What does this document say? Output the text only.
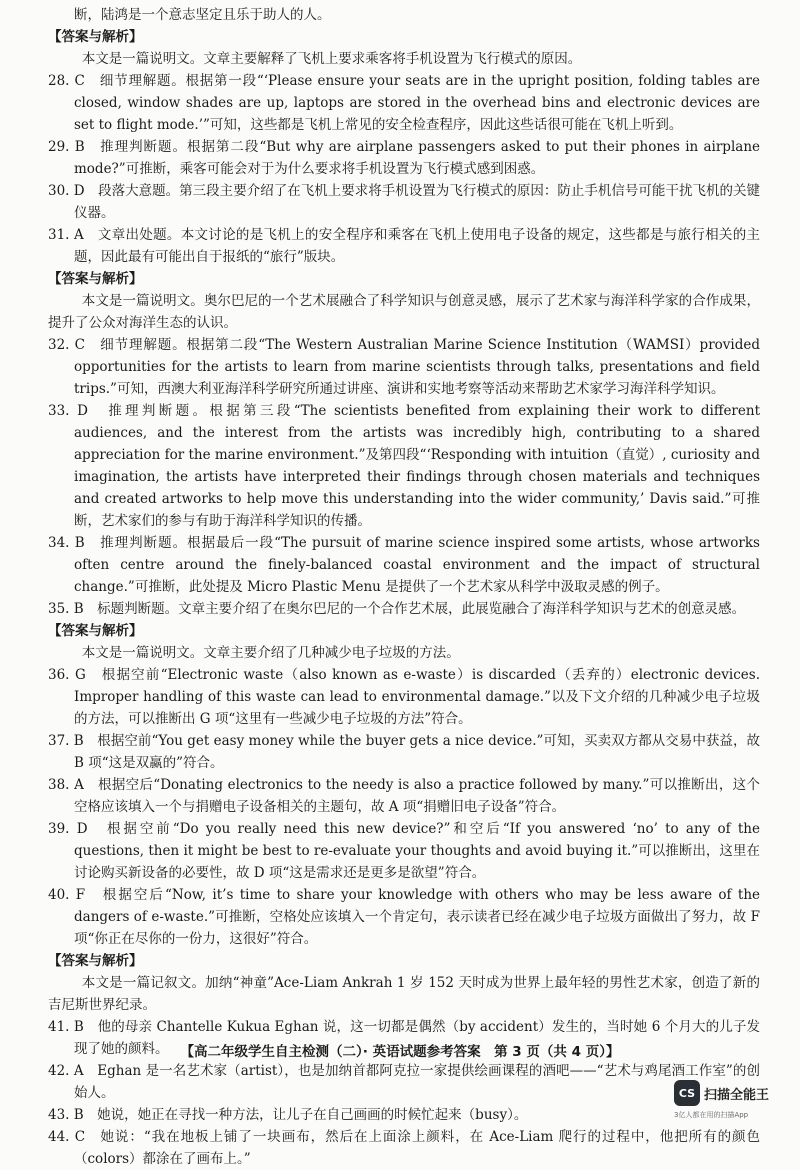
断，陆鸿是一个意志坚定且乐于助人的人。

【答案与解析】

本文是一篇说明文。文章主要解释了飞机上要求乘客将手机设置为飞行模式的原因。

28. C　细节理解题。根据第一段“‘Please ensure your seats are in the upright position, folding tables are closed, window shades are up, laptops are stored in the overhead bins and electronic devices are set to flight mode.’”可知，这些都是飞机上常见的安全检查程序，因此这些话很可能在飞机上听到。

29. B　推理判断题。根据第二段“But why are airplane passengers asked to put their phones in airplane mode?”可推断，乘客可能会对于为什么要求将手机设置为飞行模式感到困惑。

30. D　段落大意题。第三段主要介绍了在飞机上要求将手机设置为飞行模式的原因：防止手机信号可能干扰飞机的关键仪器。

31. A　文章出处题。本文讨论的是飞机上的安全程序和乘客在飞机上使用电子设备的规定，这些都是与旅行相关的主题，因此最有可能出自于报纸的“旅行”版块。

【答案与解析】

本文是一篇说明文。奥尔巴尼的一个艺术展融合了科学知识与创意灵感，展示了艺术家与海洋科学家的合作成果，提升了公众对海洋生态的认识。

32. C　细节理解题。根据第二段“The Western Australian Marine Science Institution（WAMSI）provided opportunities for the artists to learn from marine scientists through talks, presentations and field trips.”可知，西澳大利亚海洋科学研究所通过讲座、演讲和实地考察等活动来帮助艺术家学习海洋科学知识。

33. D　推理判断题。根据第三段“The scientists benefited from explaining their work to different audiences, and the interest from the artists was incredibly high, contributing to a shared appreciation for the marine environment.”及第四段“‘Responding with intuition（直觉）, curiosity and imagination, the artists have interpreted their findings through chosen materials and techniques and created artworks to help move this understanding into the wider community,’ Davis said.”可推断，艺术家们的参与有助于海洋科学知识的传播。

34. B　推理判断题。根据最后一段“The pursuit of marine science inspired some artists, whose artworks often centre around the finely-balanced coastal environment and the impact of structural change.”可推断，此处提及 Micro Plastic Menu 是提供了一个艺术家从科学中汲取灵感的例子。

35. B　标题判断题。文章主要介绍了在奥尔巴尼的一个合作艺术展，此展览融合了海洋科学知识与艺术的创意灵感。

【答案与解析】

本文是一篇说明文。文章主要介绍了几种减少电子垃圾的方法。

36. G　根据空前“Electronic waste（also known as e-waste）is discarded（丢弃的）electronic devices. Improper handling of this waste can lead to environmental damage.”以及下文介绍的几种减少电子垃圾的方法，可以推断出 G 项“这里有一些减少电子垃圾的方法”符合。

37. B　根据空前“You get easy money while the buyer gets a nice device.”可知，买卖双方都从交易中获益，故 B 项“这是双赢的”符合。

38. A　根据空后“Donating electronics to the needy is also a practice followed by many.”可以推断出，这个空格应该填入一个与捐赠电子设备相关的主题句，故 A 项“捐赠旧电子设备”符合。

39. D　根据空前“Do you really need this new device?”和空后“If you answered ‘no’ to any of the questions, then it might be best to re-evaluate your thoughts and avoid buying it.”可以推断出，这里在讨论购买新设备的必要性，故 D 项“这是需求还是更多是欲望”符合。

40. F　根据空后“Now, it’s time to share your knowledge with others who may be less aware of the dangers of e-waste.”可推断，空格处应该填入一个肯定句，表示读者已经在减少电子垃圾方面做出了努力，故 F 项“你正在尽你的一份力，这很好”符合。

【答案与解析】

本文是一篇记叙文。加纳“神童”Ace-Liam Ankrah 1 岁 152 天时成为世界上最年轻的男性艺术家，创造了新的吉尼斯世界纪录。

41. B　他的母亲 Chantelle Kukua Eghan 说，这一切都是偶然（by accident）发生的，当时她 6 个月大的儿子发现了她的颜料。

42. A　Eghan 是一名艺术家（artist），也是加纳首都阿克拉一家提供绘画课程的酒吧——“艺术与鸡尾酒工作室”的创始人。

43. B　她说，她正在寻找一种方法，让儿子在自己画画的时候忙起来（busy）。

44. C　她说：“我在地板上铺了一块画布，然后在上面涂上颜料，在 Ace-Liam 爬行的过程中，他把所有的颜色（colors）都涂在了画布上。”

【高二年级学生自主检测（二）· 英语试题参考答案　第 3 页（共 4 页）】
CS 扫描全能王
3亿人都在用的扫描App
